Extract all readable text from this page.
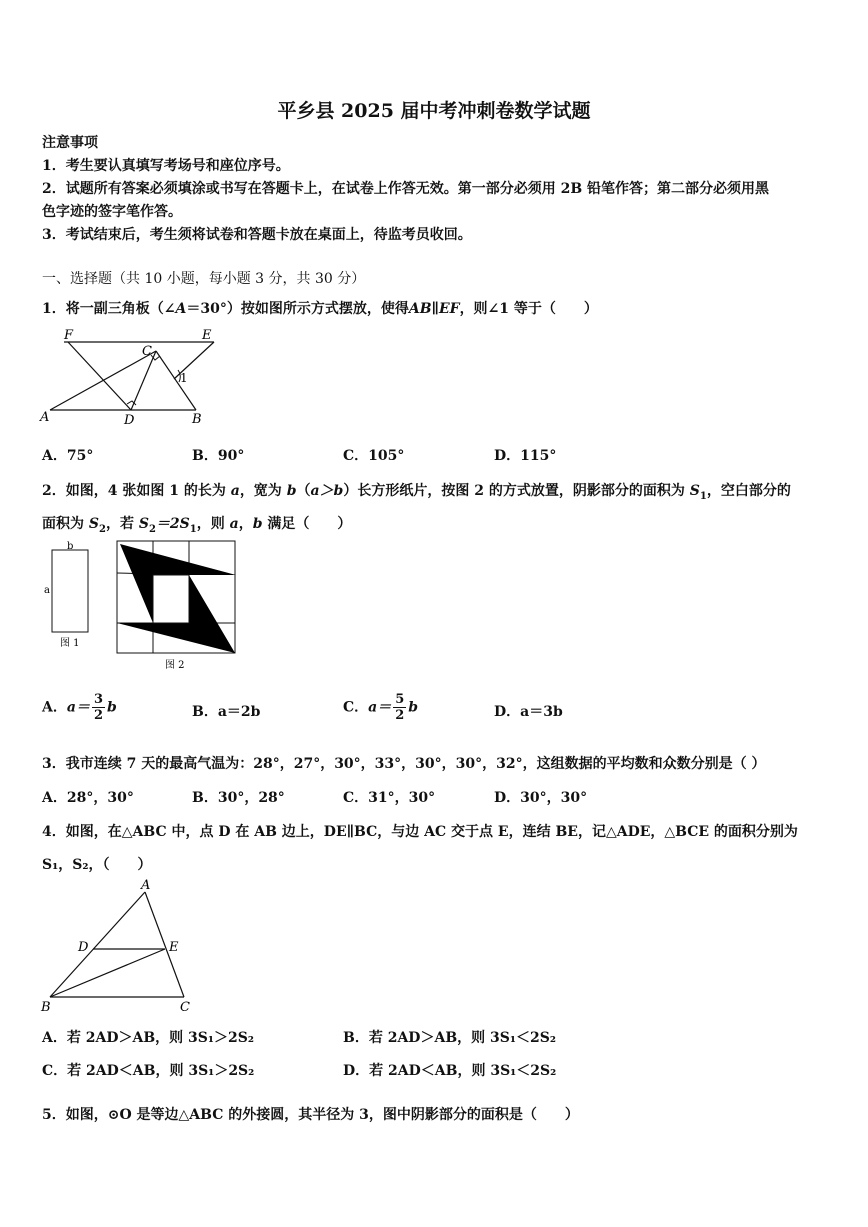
平乡县 2025 届中考冲刺卷数学试题
注意事项
1．考生要认真填写考场号和座位序号。
2．试题所有答案必须填涂或书写在答题卡上，在试卷上作答无效。第一部分必须用 2B 铅笔作答；第二部分必须用黑
色字迹的签字笔作答。
3．考试结束后，考生须将试卷和答题卡放在桌面上，待监考员收回。
一、选择题（共 10 小题，每小题 3 分，共 30 分）
1．将一副三角板（∠A＝30°）按如图所示方式摆放，使得AB∥EF，则∠1 等于（　　）
F	E
C
1
A	D	B
A．75°	B．90°	C．105°	D．115°
2．如图，4 张如图 1 的长为 a，宽为 b（a＞b）长方形纸片，按图 2 的方式放置，阴影部分的面积为 $S_1$，空白部分的
面积为 $S_2$，若 $S_2=2S_1$，则 a，b 满足（　　）
b
a
图 1
图 2
A．$a= \frac{3}{2}$ b	B．a＝2b	C．$a= \frac{5}{2}$ b	D．a＝3b
3．我市连续 7 天的最高气温为：28°，27°，30°，33°，30°，30°，32°，这组数据的平均数和众数分别是（ ）
A．28°，30°	B．30°，28°	C．31°，30°	D．30°，30°
4．如图，在△ABC 中，点 D 在 AB 边上，DE∥BC，与边 AC 交于点 E，连结 BE，记△ADE，△BCE 的面积分别为
S₁，S₂，（　　）
A
D	E
B	C
A．若 2AD＞AB，则 3S₁＞2S₂	B．若 2AD＞AB，则 3S₁＜2S₂
C．若 2AD＜AB，则 3S₁＞2S₂	D．若 2AD＜AB，则 3S₁＜2S₂
5．如图，⊙O 是等边△ABC 的外接圆，其半径为 3，图中阴影部分的面积是（　　）
